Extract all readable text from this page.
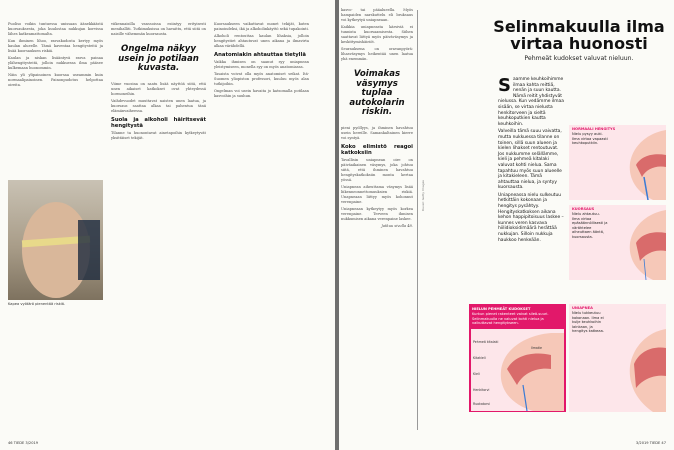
Puoliso voikin tuntuessa unissaan äänekkäästä kuorsauksesta, joka kuulostaa nukkujan korvissa lähes katkeamattomalta.

Kun ihminen lihoo, rasvakudosta kertyy myös kaulan alueelle. Tämä kaventaa hengitysteitä ja lisää kuorsauksen riskiä.

Kaulan ja niskan lisääntyvä rasva painaa ylähengitysteitä, jolloin nukkuessa ilma pääsee kulkemaan huonommin.

Näin yli ylipainoinen kuorsaa useammin kuin normaalipainoinen. Painonpudotus helpottaa oireita.

Kapea vyötärö pienentää riskiä.

viikennaisilla vanssoissa esiintyy erityisesti menihalliti. Tutkimuksissa on havaittu, että siitä on naisille vähemmän kuorsausta.

Ongelma näkyy usein jo potilaan kuvasta.

Viime vuosina on saatu lisää näyttöä siitä, että unen aikaiset katkokset ovat yhteydessä hormoneihin.

Vaihdevuodet muuttavat naisten unen laatua, ja kuorsaus saattaa alkaa tai pahentua tänä elämänvaiheessa.

Suola ja alkoholi häiritsevät hengitystä

Tilanne ta huonontavat ainetapoihin kytkeytyvät yksittäiset tekijät.

Kuorsaukseen vaikuttavat monet tekijät, kuten painoindeksi, ikä ja alkoholinkäyttö sekä tupakointi.

Alkoholi rentouttaa kaulan lihaksia, jolloin hengitystiet ahtautuvat unen aikana ja ilmavirta alkaa värähdellä.

Anatomiakin ahtauttaa tietyllä

Vaikka ihmisen on saanut syy uniapnean yleistymiseen, monella syy on myös anatomiassa.

Tasaista voivat olla myös anatomiset seikat. Itä-Suomen yliopiston professori, kuuluu myös alan tutkijoihin.

Ongelman voi usein havaita jo katsomalla potilaan kasvoihin ja suuhun.

46 TIEDE 3/2019

kasvo- tai pääalueella. Myös hampaiden narskuttelu eli bruksaus voi kytkeytyä uniapneaan.

Kaikkia uniapneasta kärsiviä ei tunnista kuorsaamisesta. Siihen saattavat liittyä myös päiväväsymys ja keskittymishäiriöt.

Seurauksena on oravanpyörä: lihasväsymys heikentää unen laatua yhä enemmän.

Voimakas väsymys tuplaa autokolarin riskin.

pieni pyöllyys, ja ihminen havahtuu usein hereille. Samankaltainen kierre voi syntyä.

Koko elimistö reagoi katkoksiin

Tavallisin uniapnean oire on päiväaikainen väsymys, joka johtuu siitä, että ihminen havahtuu hengityskatkoksiin monta kertaa yössä.

Uniapnean aiheuttama väsymys lisää liikenneonnettomuuksien riskiä. Unapneaan liittyy myös kohonnut verenpaine.

Uniapneaan kytkeytyy myös korkea verenpaine. Terveen ihmisen nukkumisen aikana verenpaine laskee.

Jatkuu sivulla 48.

Kuvat: Getty Images
Selinmakuulla ilma virtaa huonosti
Pehmeät kudokset valuvat nieluun.
S aamme keuhkoihimme ilmaa kahta reittiä, nenän ja suun kautta. Nämä reitit yhdistyvät nielussa. Kun vedämme ilmaa sisään, se virtaa nielusta henkitorveen ja sieltä keuhkoputkien kautta keuhkoihin.

Valveilla tämä suuu vaivatta, mutta nukkuessa tilanne on toinen, sillä suun alueen ja kielen lihakset rentoutuvat. Jos nukkumme selällämme, kieli ja pehmeä kitalaki valuvat kohti nielua. Sama tapahtuu myös suun alueelle ja kitakieleen. Tämä ahtauttaa nielua, ja syntyy kuorsausta.

Uniapneassa nielu sulkeutuu hetkittäin kokonaan ja hengitys pysähtyy. Hengityskatkoksen aikana kehon happipitoisuus laskee – kunnes veren kasvava hiilidioksidimäärä herättää nukkujan. Silloin nukkuja haukkoo henkeään.

NORMAALI HENGITYS
Nielu pysyy auki. Ilma virtaa vapaasti keuhkoputkiin.
KUORSAUS
Nielu ahtautuu. Ilma virtaa epäsäännöllisesti ja värähtelee aiheuttaen ääntä, kuorsausta.
NIELUN PEHMEÄT KUDOKSET
Kurkun pienet rakenteet vaivat sileä-suuri. Selinmakuulla ne valuvat kohti nielua ja vaikuttavat hengitykseen.
Pehmeä kitalaki
Kitakieli
Kieli
Henkitorvi
Ruokatorvi
Ilmatie
UNIAPNEA
Nielu tukkeutuu kokonaan. Ilma ei kulje keuhkoihin lainkaan, ja hengitys katkeaa.
3/2019 TIEDE 47
